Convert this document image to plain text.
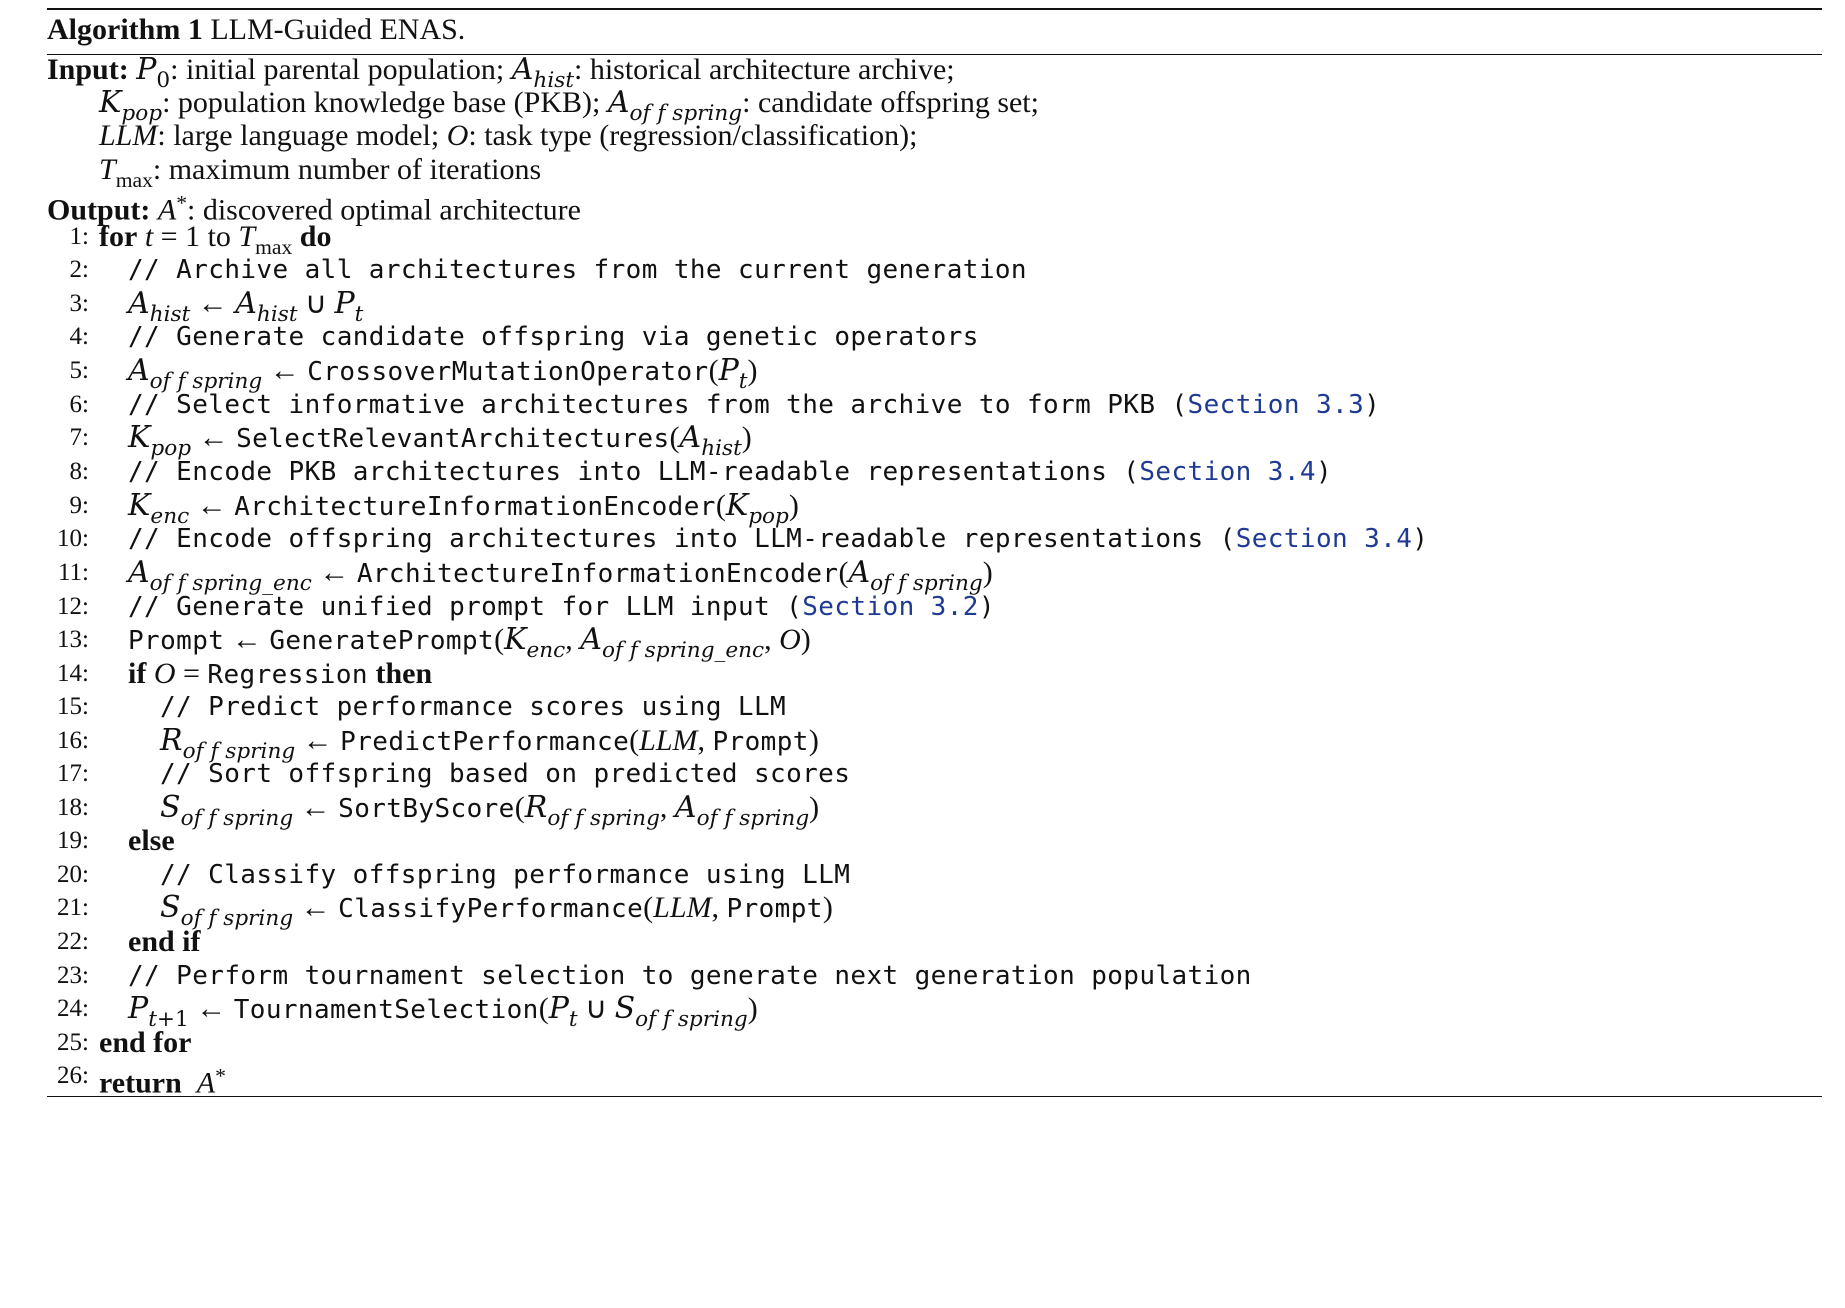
Algorithm 1 LLM-Guided ENAS.
Input: $P_0$: initial parental population; $A_{hist}$: historical architecture archive;
$K_{pop}$: population knowledge base (PKB); $A_{of f spring}$: candidate offspring set;
LLM: large language model; O: task type (regression/classification);
$T_{max}$: maximum number of iterations
Output: A*: discovered optimal architecture
1: for t = 1 to $T_{max}$ do
2: // Archive all architectures from the current generation
3: $A_{hist}$ ← $A_{hist}$ ∪ $P_t$
4: // Generate candidate offspring via genetic operators
5: $A_{of f spring}$ ← $CrossoverMutationOperator(P_t)$
6: // Select informative architectures from the archive to form PKB (Section 3.3)
7: $K_{pop}$ ← $SelectRelevantArchitectures(A_{hist})$
8: // Encode PKB architectures into LLM-readable representations (Section 3.4)
9: $K_{enc}$ ← $ArchitectureInformationEncoder(K_{pop})$
10: // Encode offspring architectures into LLM-readable representations (Section 3.4)
11: $A_{of f spring\_enc}$ ← $ArchitectureInformationEncoder(A_{of f spring})$
12: // Generate unified prompt for LLM input (Section 3.2)
13: Prompt ← $GeneratePrompt(K_{enc}$, $A_{of f spring\_enc}$, O)
14: if O = Regression then
15:	// Predict performance scores using LLM
16: $R_{of f spring}$ ← PredictPerformance(LLM, Prompt)
17:	// Sort offspring based on predicted scores
18: $S_{of f spring}$ ← $SortByScore(R_{of f spring}$, $A_{of f spring}$)
19: else
20:	// Classify offspring performance using LLM
21: $S_{of f spring}$ ← ClassifyPerformance(LLM, Prompt)
22: end if
23: // Perform tournament selection to generate next generation population
24: $P_{t+1}$ ← $TournamentSelection(P_t$ ∪ $S_{of f spring}$)
25: end for
26: return A*
